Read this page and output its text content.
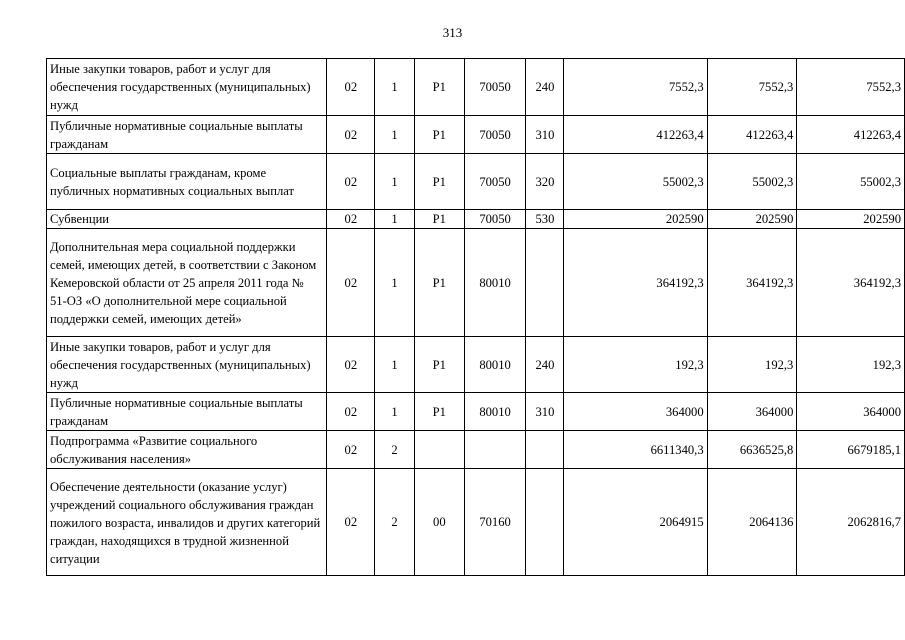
313
Иные закупки товаров, работ и услуг для обеспечения государственных (муниципальных) нужд	02	1	P1	70050	240	7552,3	7552,3	7552,3
Публичные нормативные социальные выплаты гражданам	02	1	P1	70050	310	412263,4	412263,4	412263,4
Социальные выплаты гражданам, кроме публичных нормативных социальных выплат	02	1	P1	70050	320	55002,3	55002,3	55002,3
Субвенции	02	1	P1	70050	530	202590	202590	202590
Дополнительная мера социальной поддержки семей, имеющих детей, в соответствии с Законом Кемеровской области от 25 апреля 2011 года № 51-ОЗ «О дополнительной мере социальной поддержки семей, имеющих детей»	02	1	P1	80010		364192,3	364192,3	364192,3
Иные закупки товаров, работ и услуг для обеспечения государственных (муниципальных) нужд	02	1	P1	80010	240	192,3	192,3	192,3
Публичные нормативные социальные выплаты гражданам	02	1	P1	80010	310	364000	364000	364000
Подпрограмма «Развитие социального обслуживания населения»	02	2				6611340,3	6636525,8	6679185,1
Обеспечение деятельности (оказание услуг) учреждений социального обслуживания граждан пожилого возраста, инвалидов и других категорий граждан, находящихся в трудной жизненной ситуации	02	2	00	70160		2064915	2064136	2062816,7
